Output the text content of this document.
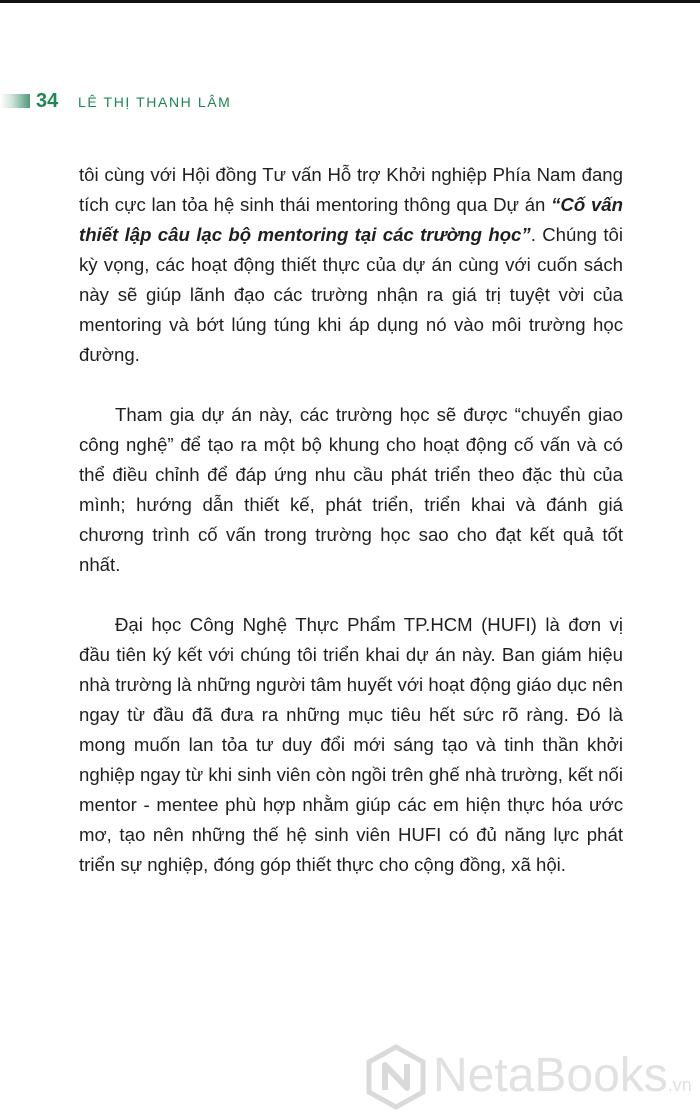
34 LÊ THỊ THANH LÂM

tôi cùng với Hội đồng Tư vấn Hỗ trợ Khởi nghiệp Phía Nam đang tích cực lan tỏa hệ sinh thái mentoring thông qua Dự án “Cố vấn thiết lập câu lạc bộ mentoring tại các trường học”. Chúng tôi kỳ vọng, các hoạt động thiết thực của dự án cùng với cuốn sách này sẽ giúp lãnh đạo các trường nhận ra giá trị tuyệt vời của mentoring và bớt lúng túng khi áp dụng nó vào môi trường học đường.

Tham gia dự án này, các trường học sẽ được “chuyển giao công nghệ” để tạo ra một bộ khung cho hoạt động cố vấn và có thể điều chỉnh để đáp ứng nhu cầu phát triển theo đặc thù của mình; hướng dẫn thiết kế, phát triển, triển khai và đánh giá chương trình cố vấn trong trường học sao cho đạt kết quả tốt nhất.

Đại học Công Nghệ Thực Phẩm TP.HCM (HUFI) là đơn vị đầu tiên ký kết với chúng tôi triển khai dự án này. Ban giám hiệu nhà trường là những người tâm huyết với hoạt động giáo dục nên ngay từ đầu đã đưa ra những mục tiêu hết sức rõ ràng. Đó là mong muốn lan tỏa tư duy đổi mới sáng tạo và tinh thần khởi nghiệp ngay từ khi sinh viên còn ngồi trên ghế nhà trường, kết nối mentor - mentee phù hợp nhằm giúp các em hiện thực hóa ước mơ, tạo nên những thế hệ sinh viên HUFI có đủ năng lực phát triển sự nghiệp, đóng góp thiết thực cho cộng đồng, xã hội.

NetaBooks.vn
